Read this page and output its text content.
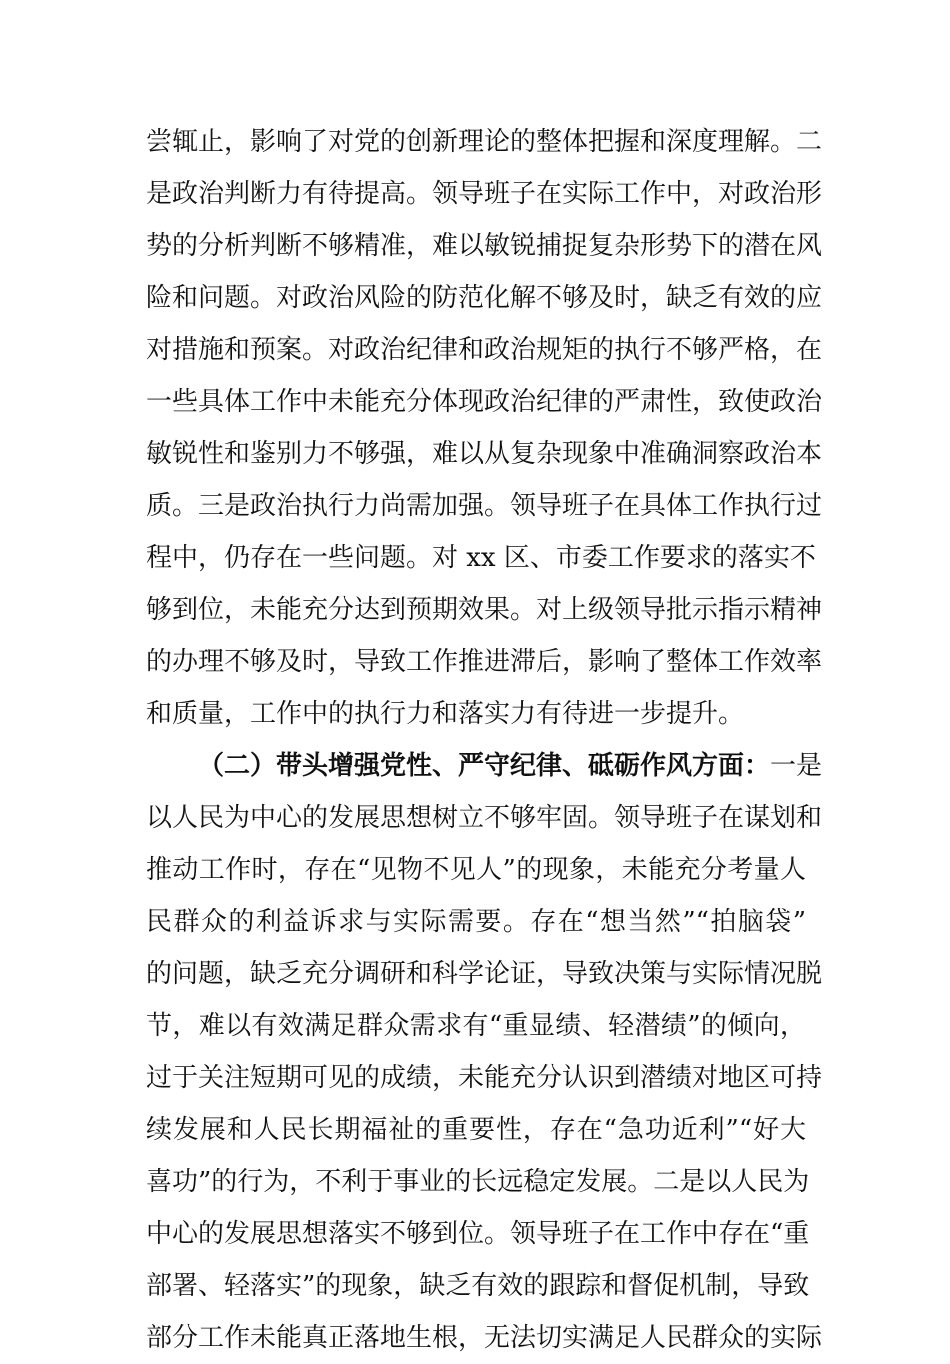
尝辄止，影响了对党的创新理论的整体把握和深度理解。二
是政治判断力有待提高。领导班子在实际工作中，对政治形
势的分析判断不够精准，难以敏锐捕捉复杂形势下的潜在风
险和问题。对政治风险的防范化解不够及时，缺乏有效的应
对措施和预案。对政治纪律和政治规矩的执行不够严格，在
一些具体工作中未能充分体现政治纪律的严肃性，致使政治
敏锐性和鉴别力不够强，难以从复杂现象中准确洞察政治本
质。三是政治执行力尚需加强。领导班子在具体工作执行过
程中，仍存在一些问题。对 xx 区、市委工作要求的落实不
够到位，未能充分达到预期效果。对上级领导批示指示精神
的办理不够及时，导致工作推进滞后，影响了整体工作效率
和质量，工作中的执行力和落实力有待进一步提升。
（二）带头增强党性、严守纪律、砥砺作风方面：一是
以人民为中心的发展思想树立不够牢固。领导班子在谋划和
推动工作时，存在“见物不见人”的现象，未能充分考量人
民群众的利益诉求与实际需要。存在“想当然”“拍脑袋”
的问题，缺乏充分调研和科学论证，导致决策与实际情况脱
节，难以有效满足群众需求有“重显绩、轻潜绩”的倾向，
过于关注短期可见的成绩，未能充分认识到潜绩对地区可持
续发展和人民长期福祉的重要性，存在“急功近利”“好大
喜功”的行为，不利于事业的长远稳定发展。二是以人民为
中心的发展思想落实不够到位。领导班子在工作中存在“重
部署、轻落实”的现象，缺乏有效的跟踪和督促机制，导致
部分工作未能真正落地生根，无法切实满足人民群众的实际
